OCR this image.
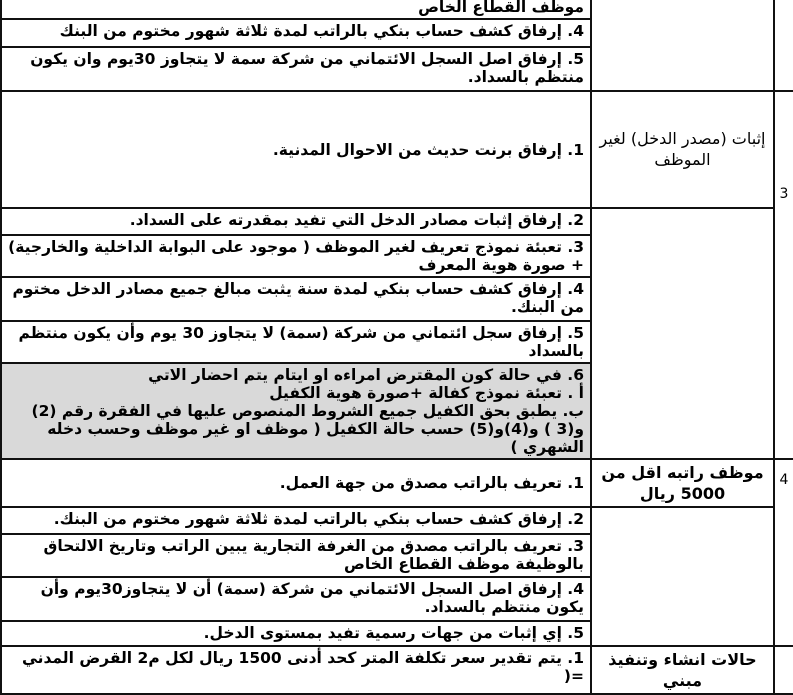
		موظف القطاع الخاص
		4. إرفاق كشف حساب بنكي بالراتب لمدة ثلاثة شهور مختوم من البنك
		5. إرفاق اصل السجل الائتماني من شركة سمة لا يتجاوز 30يوم وان يكون منتظم بالسداد.
3	إثبات (مصدر الدخل) لغير الموظف	1. إرفاق برنت حديث من الاحوال المدنية.
		2. إرفاق إثبات مصادر الدخل التي تفيد بمقدرته على السداد.
		3. تعبئة نموذج تعريف لغير الموظف ( موجود على البوابة الداخلية والخارجية) + صورة هوية المعرف
		4. إرفاق كشف حساب بنكي لمدة سنة يثبت مبالغ جميع مصادر الدخل مختوم من البنك.
		5. إرفاق سجل ائتماني من شركة (سمة) لا يتجاوز 30 يوم وأن يكون منتظم بالسداد

		6. في حالة كون المقترض امراءه او ايتام يتم احضار الاتي
أ . تعبئة نموذج كفالة +صورة هوية الكفيل
ب. يطبق بحق الكفيل جميع الشروط المنصوص عليها في الفقرة رقم (2) و(3 ) و(4)و(5) حسب حالة الكفيل ( موظف او غير موظف وحسب دخله الشهري )

4	موظف راتبه اقل من 5000 ريال	1. تعريف بالراتب مصدق من جهة العمل.
		2. إرفاق كشف حساب بنكي بالراتب لمدة ثلاثة شهور مختوم من البنك.
		3. تعريف بالراتب مصدق من الغرفة التجارية يبين الراتب وتاريخ الالتحاق بالوظيفة موظف القطاع الخاص
		4. إرفاق اصل السجل الائتماني من شركة (سمة) أن لا يتجاوز30يوم وأن يكون منتظم بالسداد.
		5. إي إثبات من جهات رسمية تفيد بمستوى الدخل.
	حالات انشاء وتنفيذ مبني	1. يتم تقدير سعر تكلفة المتر كحد أدنى 1500 ريال لكل م2 القرض المدني =(
